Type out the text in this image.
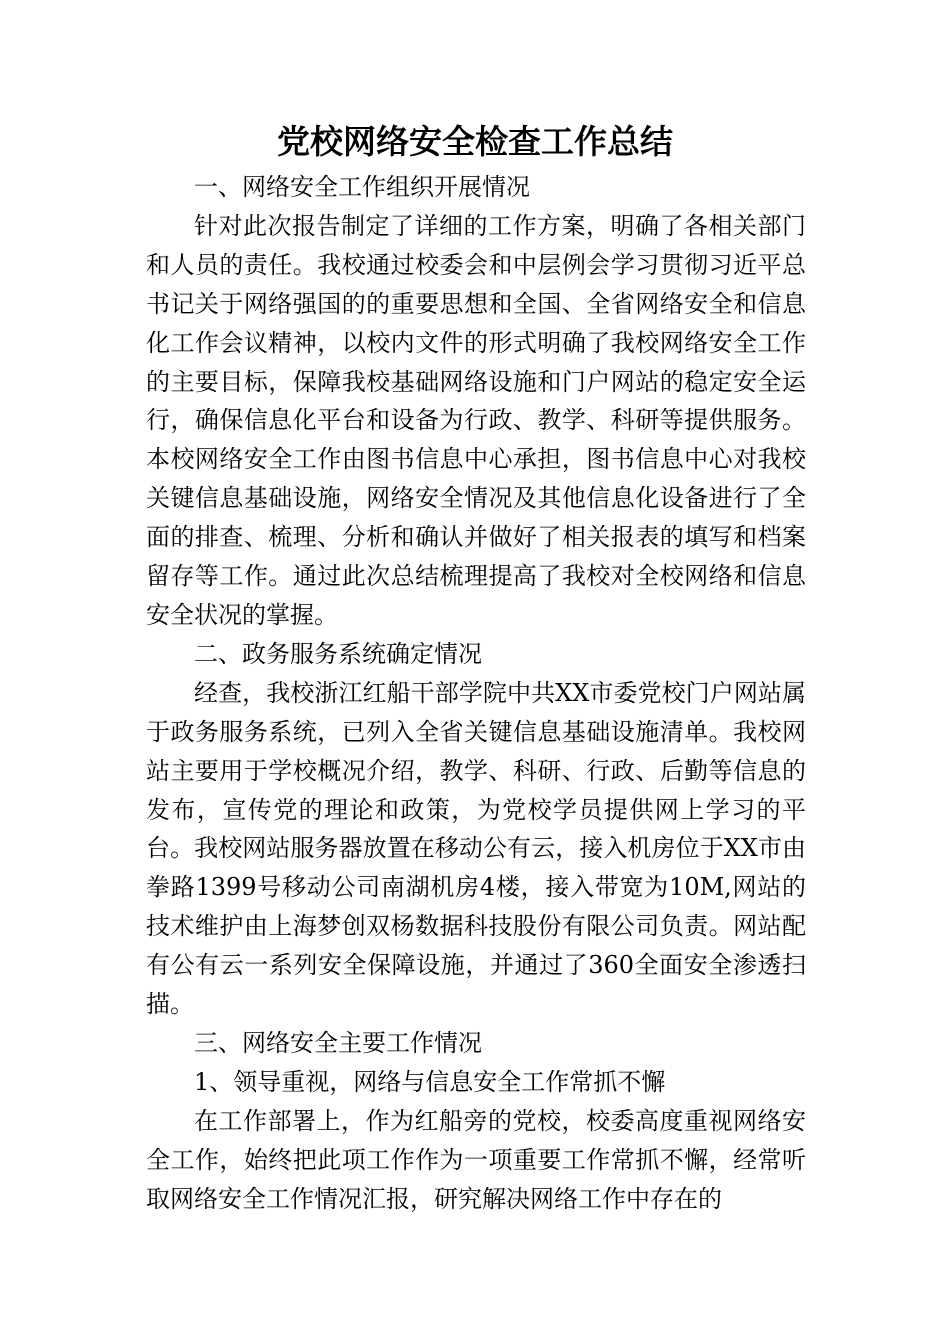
党校网络安全检查工作总结

一、网络安全工作组织开展情况

针对此次报告制定了详细的工作方案，明确了各相关部门和人员的责任。我校通过校委会和中层例会学习贯彻习近平总书记关于网络强国的的重要思想和全国、全省网络安全和信息化工作会议精神，以校内文件的形式明确了我校网络安全工作的主要目标，保障我校基础网络设施和门户网站的稳定安全运行，确保信息化平台和设备为行政、教学、科研等提供服务。本校网络安全工作由图书信息中心承担，图书信息中心对我校关键信息基础设施，网络安全情况及其他信息化设备进行了全面的排查、梳理、分析和确认并做好了相关报表的填写和档案留存等工作。通过此次总结梳理提高了我校对全校网络和信息安全状况的掌握。

二、政务服务系统确定情况

经查，我校浙江红船干部学院中共XX市委党校门户网站属于政务服务系统，已列入全省关键信息基础设施清单。我校网站主要用于学校概况介绍，教学、科研、行政、后勤等信息的发布，宣传党的理论和政策，为党校学员提供网上学习的平台。我校网站服务器放置在移动公有云，接入机房位于XX市由拳路1399号移动公司南湖机房4楼，接入带宽为10M,网站的技术维护由上海梦创双杨数据科技股份有限公司负责。网站配有公有云一系列安全保障设施，并通过了360全面安全渗透扫描。

三、网络安全主要工作情况

1、领导重视，网络与信息安全工作常抓不懈

在工作部署上，作为红船旁的党校，校委高度重视网络安全工作，始终把此项工作作为一项重要工作常抓不懈，经常听取网络安全工作情况汇报，研究解决网络工作中存在的
